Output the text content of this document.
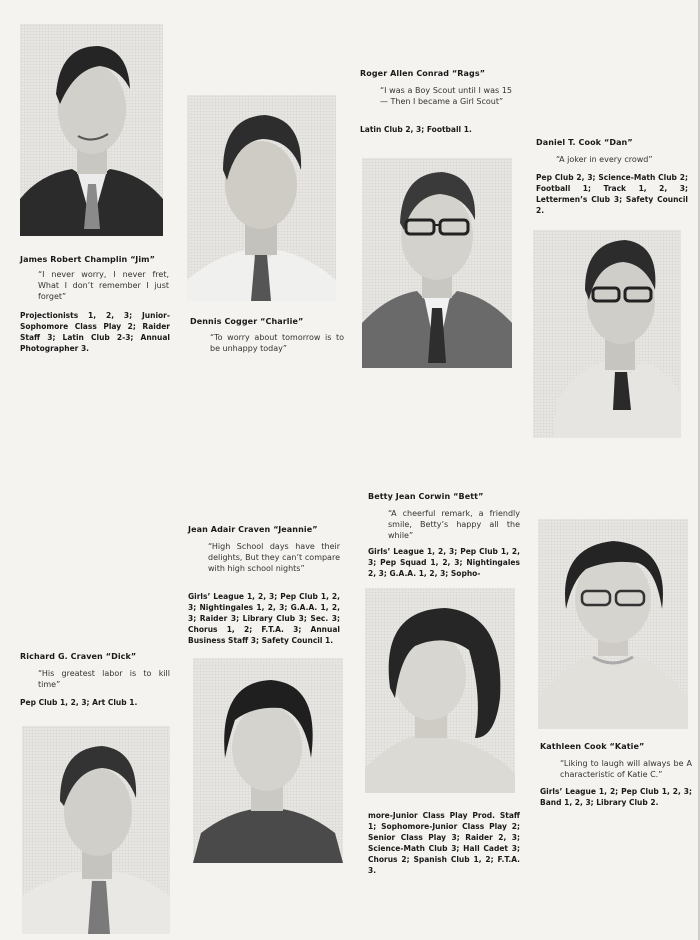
James Robert Champlin “Jim”
“I never worry, I never fret, What I don’t remember I just forget”
Projectionists 1, 2, 3; Junior-Sophomore Class Play 2; Raider Staff 3; Latin Club 2-3; Annual Photographer 3.
Dennis Cogger “Charlie”
“To worry about tomorrow is to be unhappy today”
Roger Allen Conrad “Rags”
“I was a Boy Scout until I was 15 — Then I became a Girl Scout”
Latin Club 2, 3; Football 1.
Daniel T. Cook “Dan”
“A joker in every crowd”
Pep Club 2, 3; Science-Math Club 2; Football 1; Track 1, 2, 3; Lettermen’s Club 3; Safety Council 2.
Betty Jean Corwin “Bett”
“A cheerful remark, a friendly smile, Betty’s happy all the while”
Girls’ League 1, 2, 3; Pep Club 1, 2, 3; Pep Squad 1, 2, 3; Nightingales 2, 3; G.A.A. 1, 2, 3; Sopho-
more-Junior Class Play Prod. Staff 1; Sophomore-Junior Class Play 2; Senior Class Play 3; Raider 2, 3; Science-Math Club 3; Hall Cadet 3; Chorus 2; Spanish Club 1, 2; F.T.A. 3.
Jean Adair Craven “Jeannie”
“High School days have their delights, But they can’t compare with high school nights”
Girls’ League 1, 2, 3; Pep Club 1, 2, 3; Nightingales 1, 2, 3; G.A.A. 1, 2, 3; Raider 3; Library Club 3; Sec. 3; Chorus 1, 2; F.T.A. 3; Annual Business Staff 3; Safety Council 1.
Richard G. Craven “Dick”
“His greatest labor is to kill time”
Pep Club 1, 2, 3; Art Club 1.
Kathleen Cook “Katie”
“Liking to laugh will always be A characteristic of Katie C.”
Girls’ League 1, 2; Pep Club 1, 2, 3; Band 1, 2, 3; Library Club 2.
